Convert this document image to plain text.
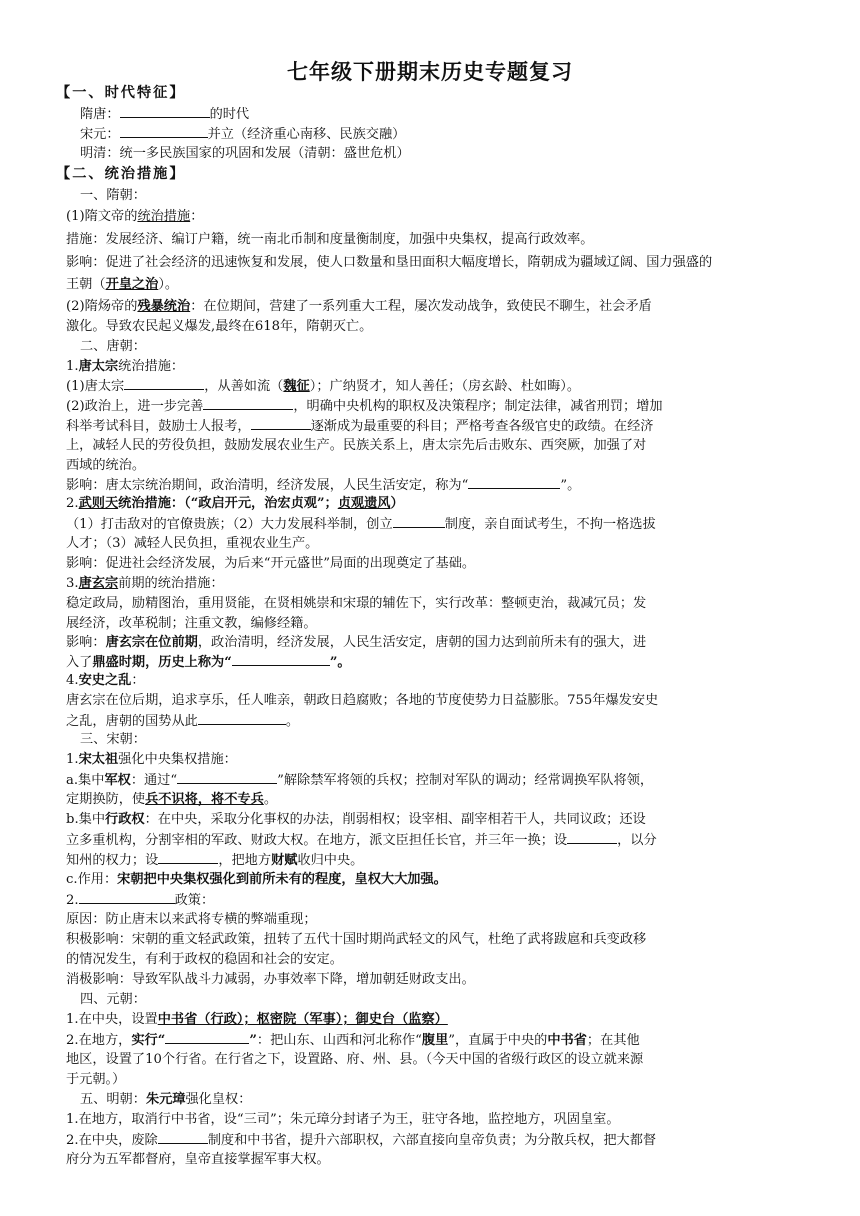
七年级下册期末历史专题复习
【一、时代特征】
隋唐：	的时代
宋元：	并立（经济重心南移、民族交融）
明清：统一多民族国家的巩固和发展（清朝：盛世危机）
【二、统治措施】
一、隋朝：
(1)隋文帝的统治措施：
措施：发展经济、编订户籍，统一南北币制和度量衡制度，加强中央集权，提高行政效率。
影响：促进了社会经济的迅速恢复和发展，使人口数量和垦田面积大幅度增长，隋朝成为疆域辽阔、国力强盛的
王朝（开皇之治）。
(2)隋炀帝的残暴统治：在位期间，营建了一系列重大工程，屡次发动战争，致使民不聊生，社会矛盾
激化。导致农民起义爆发,最终在618年，隋朝灭亡。
二、唐朝：
1.唐太宗统治措施：
(1)唐太宗	，从善如流（魏征）；广纳贤才，知人善任；（房玄龄、杜如晦）。
(2)政治上，进一步完善	，明确中央机构的职权及决策程序；制定法律，减省刑罚；增加
科举考试科目，鼓励士人报考，	逐渐成为最重要的科目；严格考查各级官史的政绩。在经济
上，减轻人民的劳役负担，鼓励发展农业生产。民族关系上，唐太宗先后击败东、西突厥，加强了对
西域的统治。
影响：唐太宗统治期间，政治清明，经济发展，人民生活安定，称为“	”。
2.武则天统治措施：（“政启开元，治宏贞观”；贞观遗风）
（1）打击敌对的官僚贵族；（2）大力发展科举制，创立	制度，亲自面试考生，不拘一格选拔
人才；（3）减轻人民负担，重视农业生产。
影响：促进社会经济发展，为后来“开元盛世”局面的出现奠定了基础。
3.唐玄宗前期的统治措施：
稳定政局，励精图治，重用贤能，在贤相姚崇和宋璟的辅佐下，实行改革：整顿吏治，裁减冗员；发
展经济，改革税制；注重文教，编修经籍。
影响：唐玄宗在位前期，政治清明，经济发展，人民生活安定，唐朝的国力达到前所未有的强大，进
入了鼎盛时期，历史上称为“	”。
4.安史之乱：
唐玄宗在位后期，追求享乐，任人唯亲，朝政日趋腐败；各地的节度使势力日益膨胀。755年爆发安史
之乱，唐朝的国势从此	。
三、宋朝：
1.宋太祖强化中央集权措施：
a.集中军权：通过“	”解除禁军将领的兵权；控制对军队的调动；经常调换军队将领，
定期换防，使兵不识将，将不专兵。
b.集中行政权：在中央，采取分化事权的办法，削弱相权；设宰相、副宰相若干人，共同议政；还设
立多重机构，分割宰相的军政、财政大权。在地方，派文臣担任长官，并三年一换；设	，以分
知州的权力；设	，把地方财赋收归中央。
c.作用：宋朝把中央集权强化到前所未有的程度，皇权大大加强。
2.	政策：
原因：防止唐末以来武将专横的弊端重现；
积极影响：宋朝的重文轻武政策，扭转了五代十国时期尚武轻文的风气，杜绝了武将跋扈和兵变政移
的情况发生，有利于政权的稳固和社会的安定。
消极影响：导致军队战斗力减弱，办事效率下降，增加朝廷财政支出。
四、元朝：
1.在中央，设置中书省（行政）；枢密院（军事）；御史台（监察）
2.在地方，实行“	”：把山东、山西和河北称作“腹里”，直属于中央的中书省；在其他
地区，设置了10个行省。在行省之下，设置路、府、州、县。（今天中国的省级行政区的设立就来源
于元朝。）
五、明朝：朱元璋强化皇权：
1.在地方，取消行中书省，设“三司”；朱元璋分封诸子为王，驻守各地，监控地方，巩固皇室。
2.在中央，废除	制度和中书省，提升六部职权，六部直接向皇帝负责；为分散兵权，把大都督
府分为五军都督府，皇帝直接掌握军事大权。
